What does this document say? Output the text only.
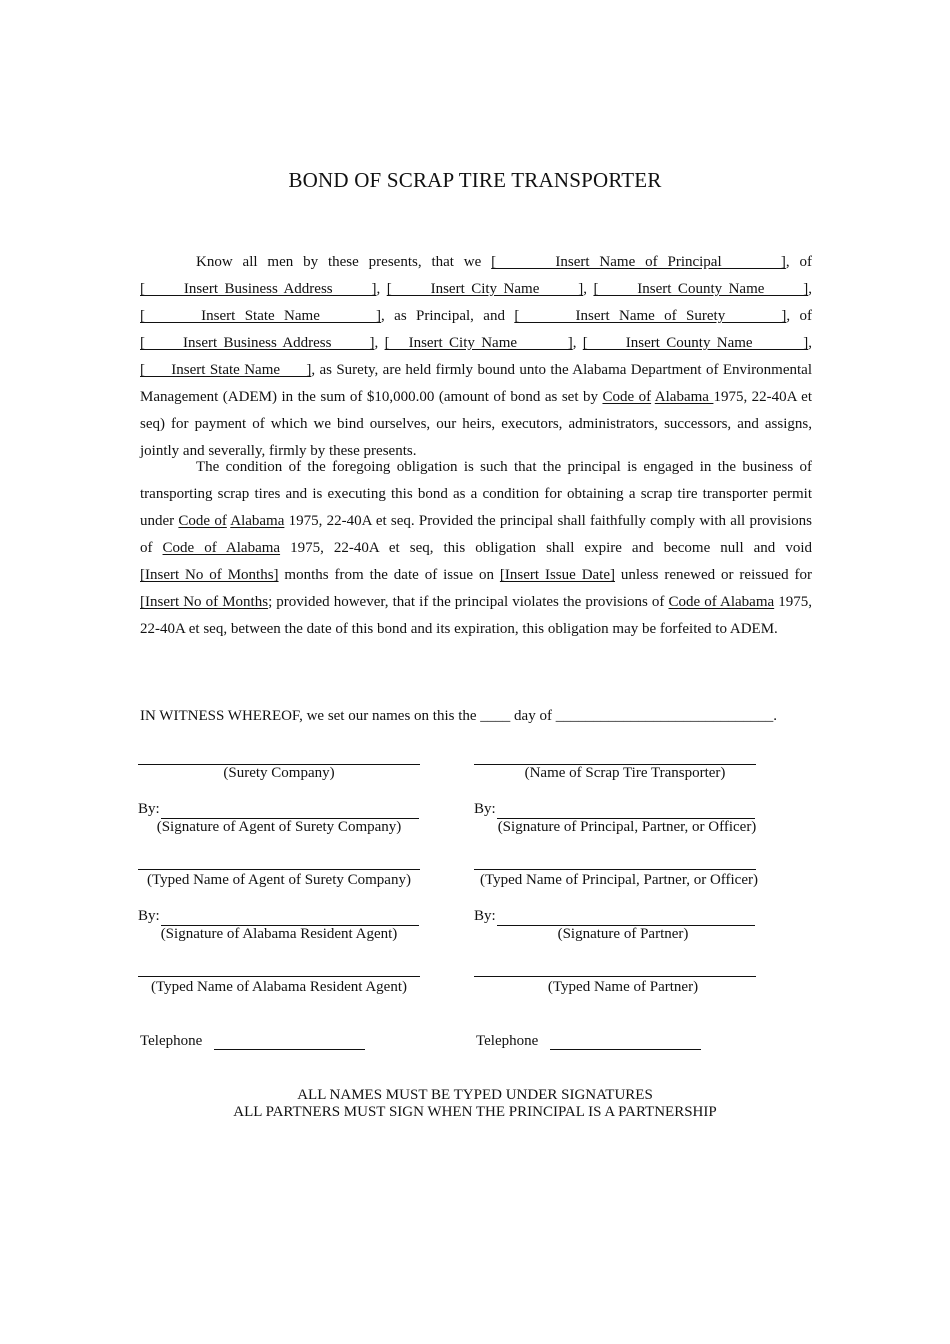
BOND OF SCRAP TIRE TRANSPORTER
Know all men by these presents, that we [      Insert Name of Principal      ], of [      Insert Business Address      ], [      Insert City Name      ], [      Insert County Name      ], [      Insert State Name      ], as Principal, and [      Insert Name of Surety      ], of [      Insert Business Address      ], [   Insert City Name        ], [      Insert County Name        ], [      Insert State Name      ], as Surety, are held firmly bound unto the Alabama Department of Environmental Management (ADEM) in the sum of $10,000.00 (amount of bond as set by Code of Alabama 1975, 22-40A et seq) for payment of which we bind ourselves, our heirs, executors, administrators, successors, and assigns, jointly and severally, firmly by these presents.
The condition of the foregoing obligation is such that the principal is engaged in the business of transporting scrap tires and is executing this bond as a condition for obtaining a scrap tire transporter permit under Code of Alabama 1975, 22-40A et seq. Provided the principal shall faithfully comply with all provisions of Code of Alabama 1975, 22-40A et seq, this obligation shall expire and become null and void [Insert No of Months] months from the date of issue on [Insert Issue Date] unless renewed or reissued for [Insert No of Months; provided however, that if the principal violates the provisions of Code of Alabama 1975, 22-40A et seq, between the date of this bond and its expiration, this obligation may be forfeited to ADEM.
IN WITNESS WHEREOF, we set our names on this the ____ day of _____________________________.
(Surety Company)
By:
(Signature of Agent of Surety Company)
(Typed Name of Agent of Surety Company)
By:
(Signature of Alabama Resident Agent)
(Typed Name of Alabama Resident Agent)
Telephone
(Name of Scrap Tire Transporter)
By:
(Signature of Principal, Partner, or Officer)
(Typed Name of Principal, Partner, or Officer)
By:
(Signature of Partner)
(Typed Name of Partner)
Telephone
ALL NAMES MUST BE TYPED UNDER SIGNATURES
ALL PARTNERS MUST SIGN WHEN THE PRINCIPAL IS A PARTNERSHIP
